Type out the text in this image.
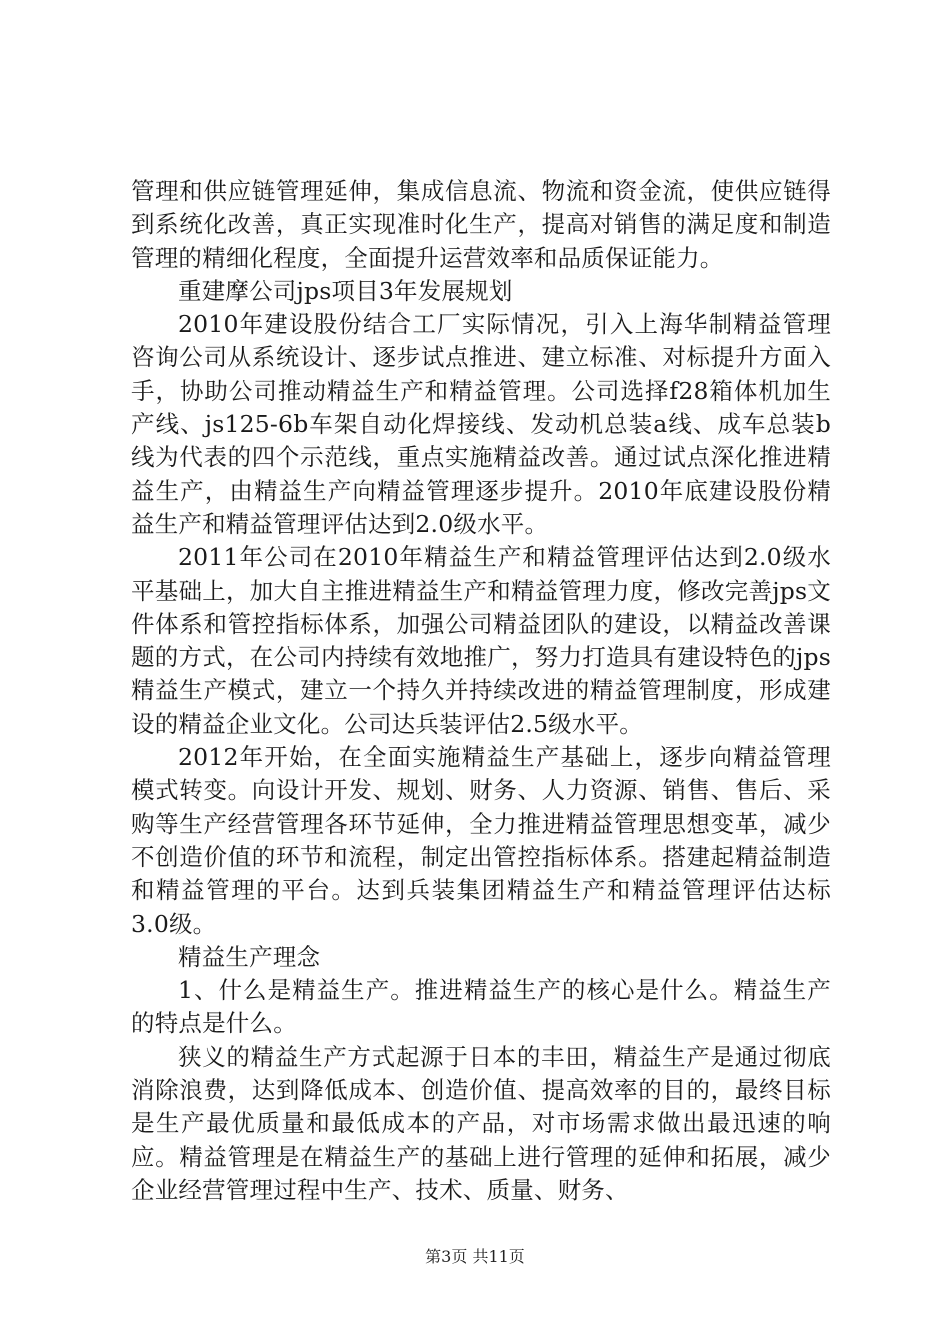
管理和供应链管理延伸，集成信息流、物流和资金流，使供应链得到系统化改善，真正实现准时化生产，提高对销售的满足度和制造管理的精细化程度，全面提升运营效率和品质保证能力。

重建摩公司jps项目3年发展规划

2010年建设股份结合工厂实际情况，引入上海华制精益管理咨询公司从系统设计、逐步试点推进、建立标准、对标提升方面入手，协助公司推动精益生产和精益管理。公司选择f28箱体机加生产线、js125-6b车架自动化焊接线、发动机总装a线、成车总装b线为代表的四个示范线，重点实施精益改善。通过试点深化推进精益生产，由精益生产向精益管理逐步提升。2010年底建设股份精益生产和精益管理评估达到2.0级水平。

2011年公司在2010年精益生产和精益管理评估达到2.0级水平基础上，加大自主推进精益生产和精益管理力度，修改完善jps文件体系和管控指标体系，加强公司精益团队的建设，以精益改善课题的方式，在公司内持续有效地推广，努力打造具有建设特色的jps精益生产模式，建立一个持久并持续改进的精益管理制度，形成建设的精益企业文化。公司达兵装评估2.5级水平。

2012年开始，在全面实施精益生产基础上，逐步向精益管理模式转变。向设计开发、规划、财务、人力资源、销售、售后、采购等生产经营管理各环节延伸，全力推进精益管理思想变革，减少不创造价值的环节和流程，制定出管控指标体系。搭建起精益制造和精益管理的平台。达到兵装集团精益生产和精益管理评估达标3.0级。

精益生产理念

1、什么是精益生产。推进精益生产的核心是什么。精益生产的特点是什么。

狭义的精益生产方式起源于日本的丰田，精益生产是通过彻底消除浪费，达到降低成本、创造价值、提高效率的目的，最终目标是生产最优质量和最低成本的产品，对市场需求做出最迅速的响应。精益管理是在精益生产的基础上进行管理的延伸和拓展，减少企业经营管理过程中生产、技术、质量、财务、

第3页 共11页
